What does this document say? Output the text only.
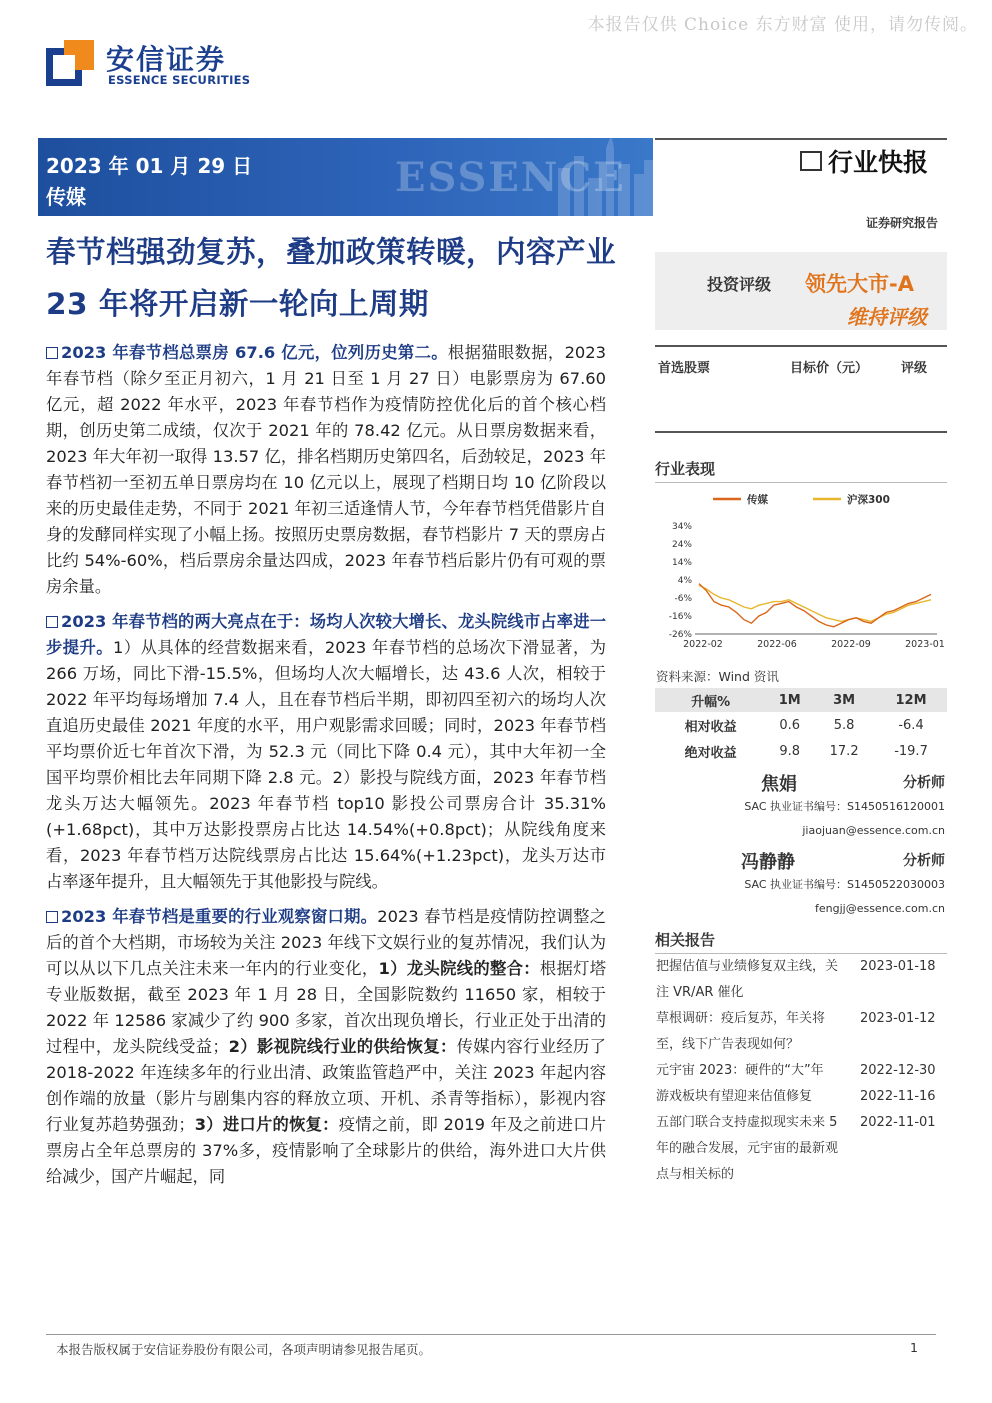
本报告仅供 Choice 东方财富 使用，请勿传阅。
安信证券
ESSENCE SECURITIES
ESSENCE
2023 年 01 月 29 日
传媒
行业快报
证券研究报告
春节档强劲复苏，叠加政策转暖，内容产业 23 年将开启新一轮向上周期
投资评级 领先大市-A
维持评级
首选股票	目标价（元）	评级
行业表现
34%
24%
14%
4%
-6%
-16%
-26%
2022-02	2022-06	2022-09	2023-01
传媒	沪深300
资料来源：Wind 资讯
升幅%	1M	3M	12M
相对收益	0.6	5.8	-6.4
绝对收益	9.8	17.2	-19.7
焦娟	分析师
SAC 执业证书编号：S1450516120001
jiaojuan@essence.com.cn
冯静静	分析师
SAC 执业证书编号：S1450522030003
fengjj@essence.com.cn
相关报告
把握估值与业绩修复双主线，关注 VR/AR 催化
2023-01-18
草根调研：疫后复苏，年关将至，线下广告表现如何？
2023-01-12
元宇宙 2023：硬件的“大”年	2022-12-30
游戏板块有望迎来估值修复	2022-11-16
五部门联合支持虚拟现实未来 5 年的融合发展，元宇宙的最新观点与相关标的
2022-11-01

2023 年春节档总票房 67.6 亿元，位列历史第二。根据猫眼数据，2023 年春节档（除夕至正月初六，1 月 21 日至 1 月 27 日）电影票房为 67.60 亿元，超 2022 年水平，2023 年春节档作为疫情防控优化后的首个核心档期，创历史第二成绩，仅次于 2021 年的 78.42 亿元。从日票房数据来看，2023 年大年初一取得 13.57 亿，排名档期历史第四名，后劲较足，2023 年春节档初一至初五单日票房均在 10 亿元以上，展现了档期日均 10 亿阶段以来的历史最佳走势，不同于 2021 年初三适逢情人节，今年春节档凭借影片自身的发酵同样实现了小幅上扬。按照历史票房数据，春节档影片 7 天的票房占比约 54%-60%，档后票房余量达四成，2023 年春节档后影片仍有可观的票房余量。

2023 年春节档的两大亮点在于：场均人次较大增长、龙头院线市占率进一步提升。1）从具体的经营数据来看，2023 年春节档的总场次下滑显著，为 266 万场，同比下滑-15.5%，但场均人次大幅增长，达 43.6 人次，相较于 2022 年平均每场增加 7.4 人，且在春节档后半期，即初四至初六的场均人次直追历史最佳 2021 年度的水平，用户观影需求回暖；同时，2023 年春节档平均票价近七年首次下滑，为 52.3 元（同比下降 0.4 元），其中大年初一全国平均票价相比去年同期下降 2.8 元。2）影投与院线方面，2023 年春节档龙头万达大幅领先。2023 年春节档 top10 影投公司票房合计 35.31%(+1.68pct)，其中万达影投票房占比达 14.54%(+0.8pct)；从院线角度来看，2023 年春节档万达院线票房占比达 15.64%(+1.23pct)，龙头万达市占率逐年提升，且大幅领先于其他影投与院线。

2023 年春节档是重要的行业观察窗口期。2023 春节档是疫情防控调整之后的首个大档期，市场较为关注 2023 年线下文娱行业的复苏情况，我们认为可以从以下几点关注未来一年内的行业变化，1）龙头院线的整合：根据灯塔专业版数据，截至 2023 年 1 月 28 日，全国影院数约 11650 家，相较于 2022 年 12586 家减少了约 900 多家，首次出现负增长，行业正处于出清的过程中，龙头院线受益；2）影视院线行业的供给恢复：传媒内容行业经历了 2018-2022 年连续多年的行业出清、政策监管趋严中，关注 2023 年起内容创作端的放量（影片与剧集内容的释放立项、开机、杀青等指标），影视内容行业复苏趋势强劲；3）进口片的恢复：疫情之前，即 2019 年及之前进口片票房占全年总票房的 37%多，疫情影响了全球影片的供给，海外进口大片供给减少，国产片崛起，同

本报告版权属于安信证券股份有限公司，各项声明请参见报告尾页。	1
